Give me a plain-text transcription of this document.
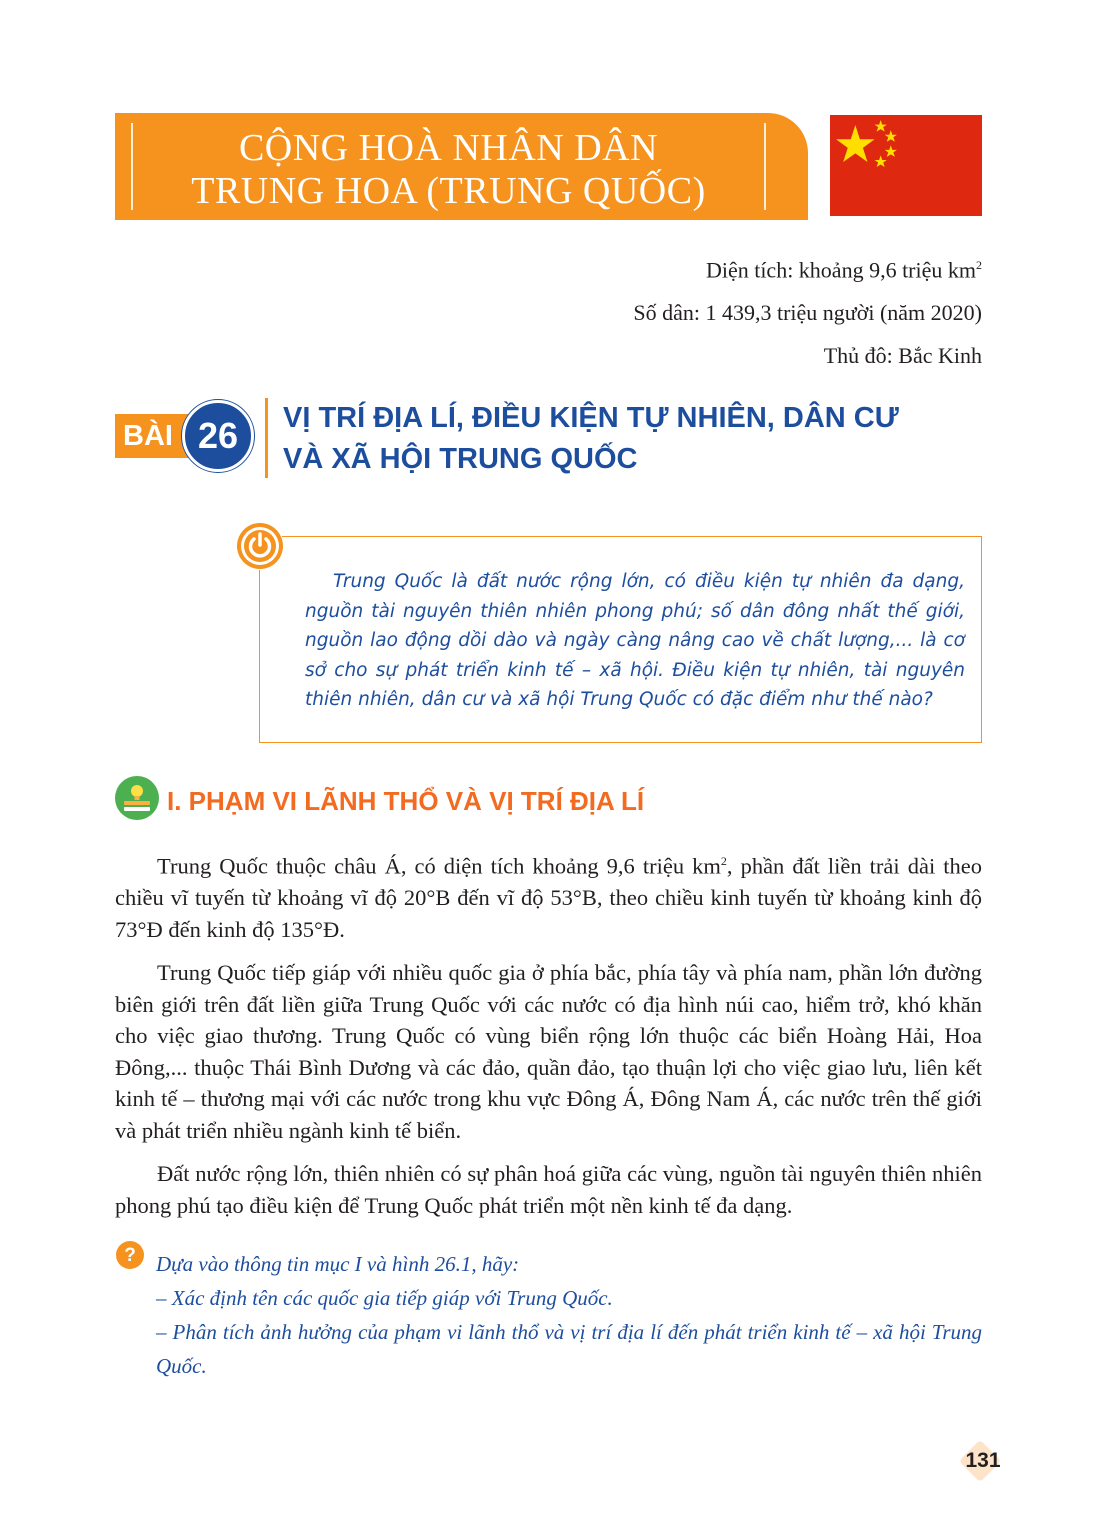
CỘNG HOÀ NHÂN DÂN
TRUNG HOA (TRUNG QUỐC)
Diện tích: khoảng 9,6 triệu $km^2$
Số dân: 1 439,3 triệu người (năm 2020)
Thủ đô: Bắc Kinh
BÀI 26	VỊ TRÍ ĐỊA LÍ, ĐIỀU KIỆN TỰ NHIÊN, DÂN CƯ
VÀ XÃ HỘI TRUNG QUỐC
Trung Quốc là đất nước rộng lớn, có điều kiện tự nhiên đa dạng, nguồn tài nguyên thiên nhiên phong phú; số dân đông nhất thế giới, nguồn lao động dồi dào và ngày càng nâng cao về chất lượng,... là cơ sở cho sự phát triển kinh tế – xã hội. Điều kiện tự nhiên, tài nguyên thiên nhiên, dân cư và xã hội Trung Quốc có đặc điểm như thế nào?
I. PHẠM VI LÃNH THỔ VÀ VỊ TRÍ ĐỊA LÍ

Trung Quốc thuộc châu Á, có diện tích khoảng 9,6 triệu $km^2$, phần đất liền trải dài theo chiều vĩ tuyến từ khoảng vĩ độ 20°B đến vĩ độ 53°B, theo chiều kinh tuyến từ khoảng kinh độ 73°Đ đến kinh độ 135°Đ.

Trung Quốc tiếp giáp với nhiều quốc gia ở phía bắc, phía tây và phía nam, phần lớn đường biên giới trên đất liền giữa Trung Quốc với các nước có địa hình núi cao, hiểm trở, khó khăn cho việc giao thương. Trung Quốc có vùng biển rộng lớn thuộc các biển Hoàng Hải, Hoa Đông,... thuộc Thái Bình Dương và các đảo, quần đảo, tạo thuận lợi cho việc giao lưu, liên kết kinh tế – thương mại với các nước trong khu vực Đông Á, Đông Nam Á, các nước trên thế giới và phát triển nhiều ngành kinh tế biển.

Đất nước rộng lớn, thiên nhiên có sự phân hoá giữa các vùng, nguồn tài nguyên thiên nhiên phong phú tạo điều kiện để Trung Quốc phát triển một nền kinh tế đa dạng.

? Dựa vào thông tin mục I và hình 26.1, hãy:
– Xác định tên các quốc gia tiếp giáp với Trung Quốc.
– Phân tích ảnh hưởng của phạm vi lãnh thổ và vị trí địa lí đến phát triển kinh tế – xã hội Trung Quốc.
131
